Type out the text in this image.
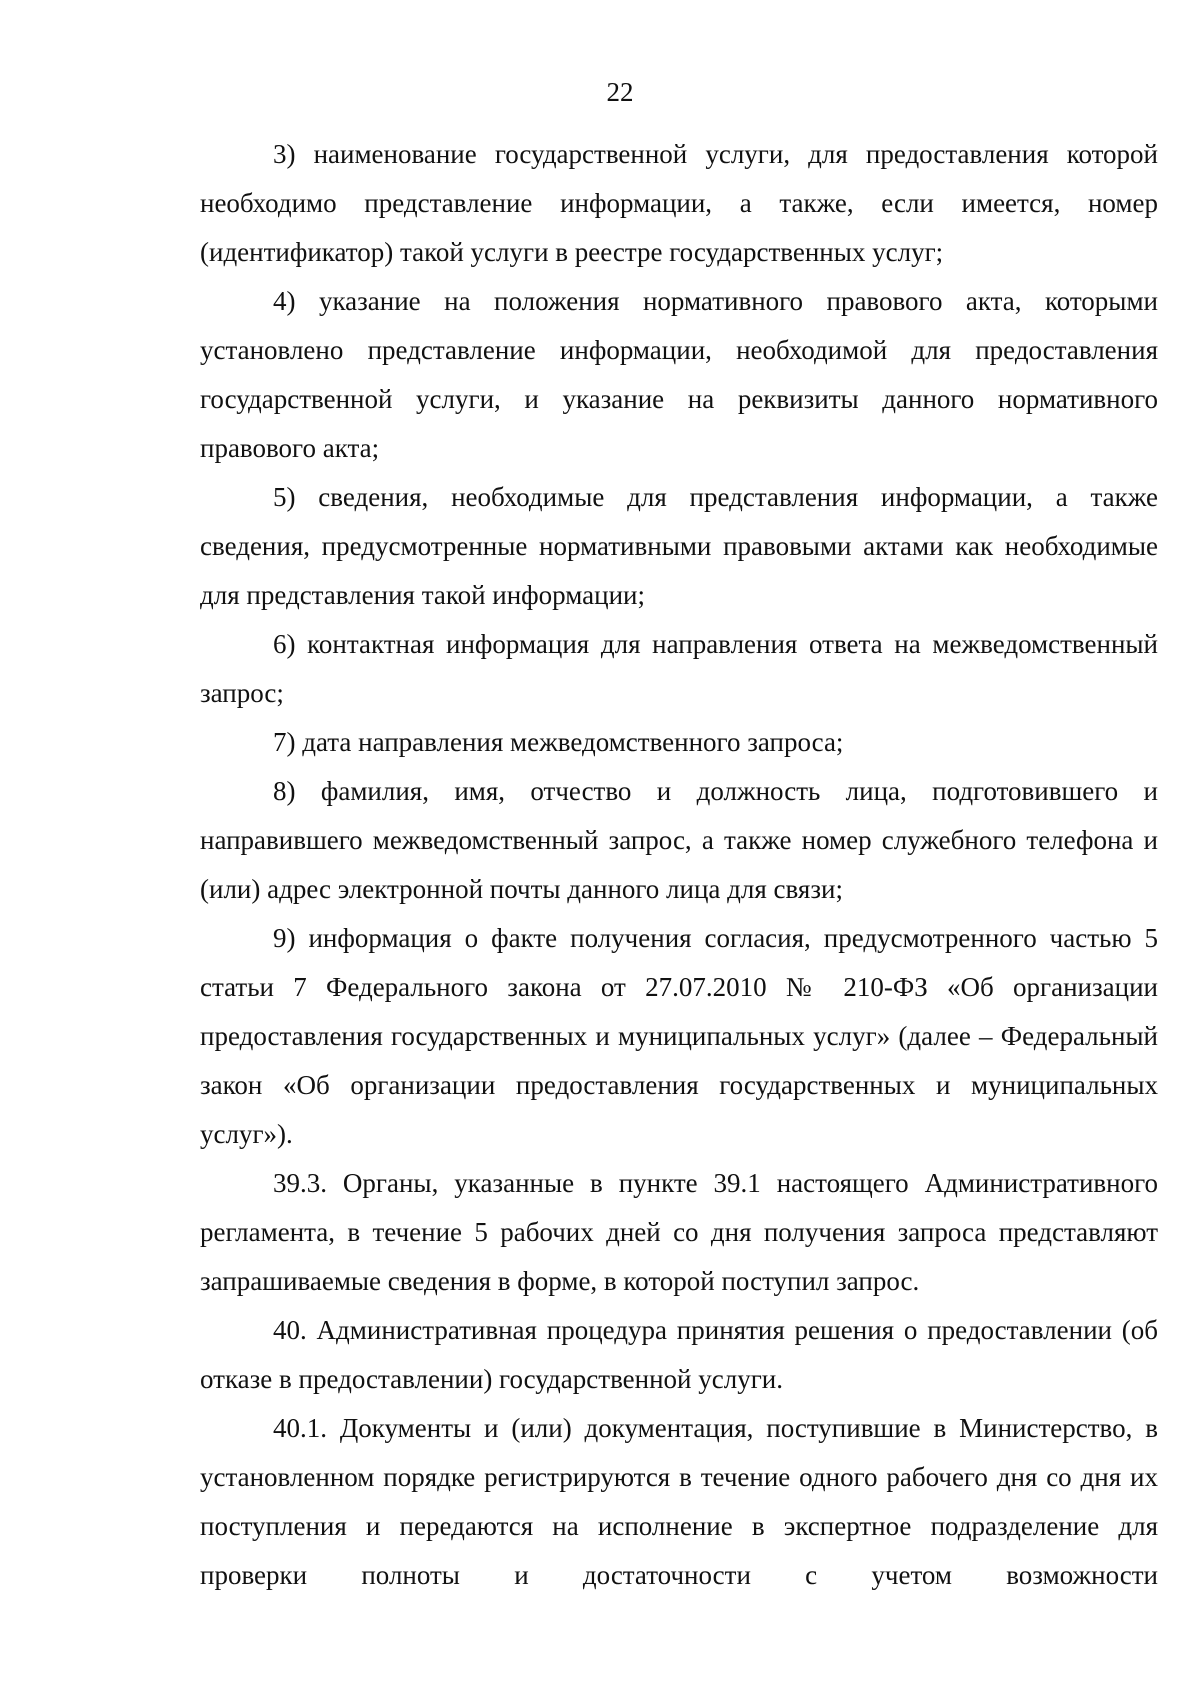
22

3) наименование государственной услуги, для предоставления которой необходимо представление информации, а также, если имеется, номер (идентификатор) такой услуги в реестре государственных услуг;

4) указание на положения нормативного правового акта, которыми установлено представление информации, необходимой для предоставления государственной услуги, и указание на реквизиты данного нормативного правового акта;

5) сведения, необходимые для представления информации, а также сведения, предусмотренные нормативными правовыми актами как необходимые для представления такой информации;

6) контактная информация для направления ответа на межведомственный запрос;

7) дата направления межведомственного запроса;

8) фамилия, имя, отчество и должность лица, подготовившего и направившего межведомственный запрос, а также номер служебного телефона и (или) адрес электронной почты данного лица для связи;

9) информация о факте получения согласия, предусмотренного частью 5 статьи 7 Федерального закона от 27.07.2010 № 210-ФЗ «Об организации предоставления государственных и муниципальных услуг» (далее – Федеральный закон «Об организации предоставления государственных и муниципальных услуг»).

39.3. Органы, указанные в пункте 39.1 настоящего Административного регламента, в течение 5 рабочих дней со дня получения запроса представляют запрашиваемые сведения в форме, в которой поступил запрос.

40. Административная процедура принятия решения о предоставлении (об отказе в предоставлении) государственной услуги.

40.1. Документы и (или) документация, поступившие в Министерство, в установленном порядке регистрируются в течение одного рабочего дня со дня их поступления и передаются на исполнение в экспертное подразделение для проверки полноты и достаточности с учетом возможности
